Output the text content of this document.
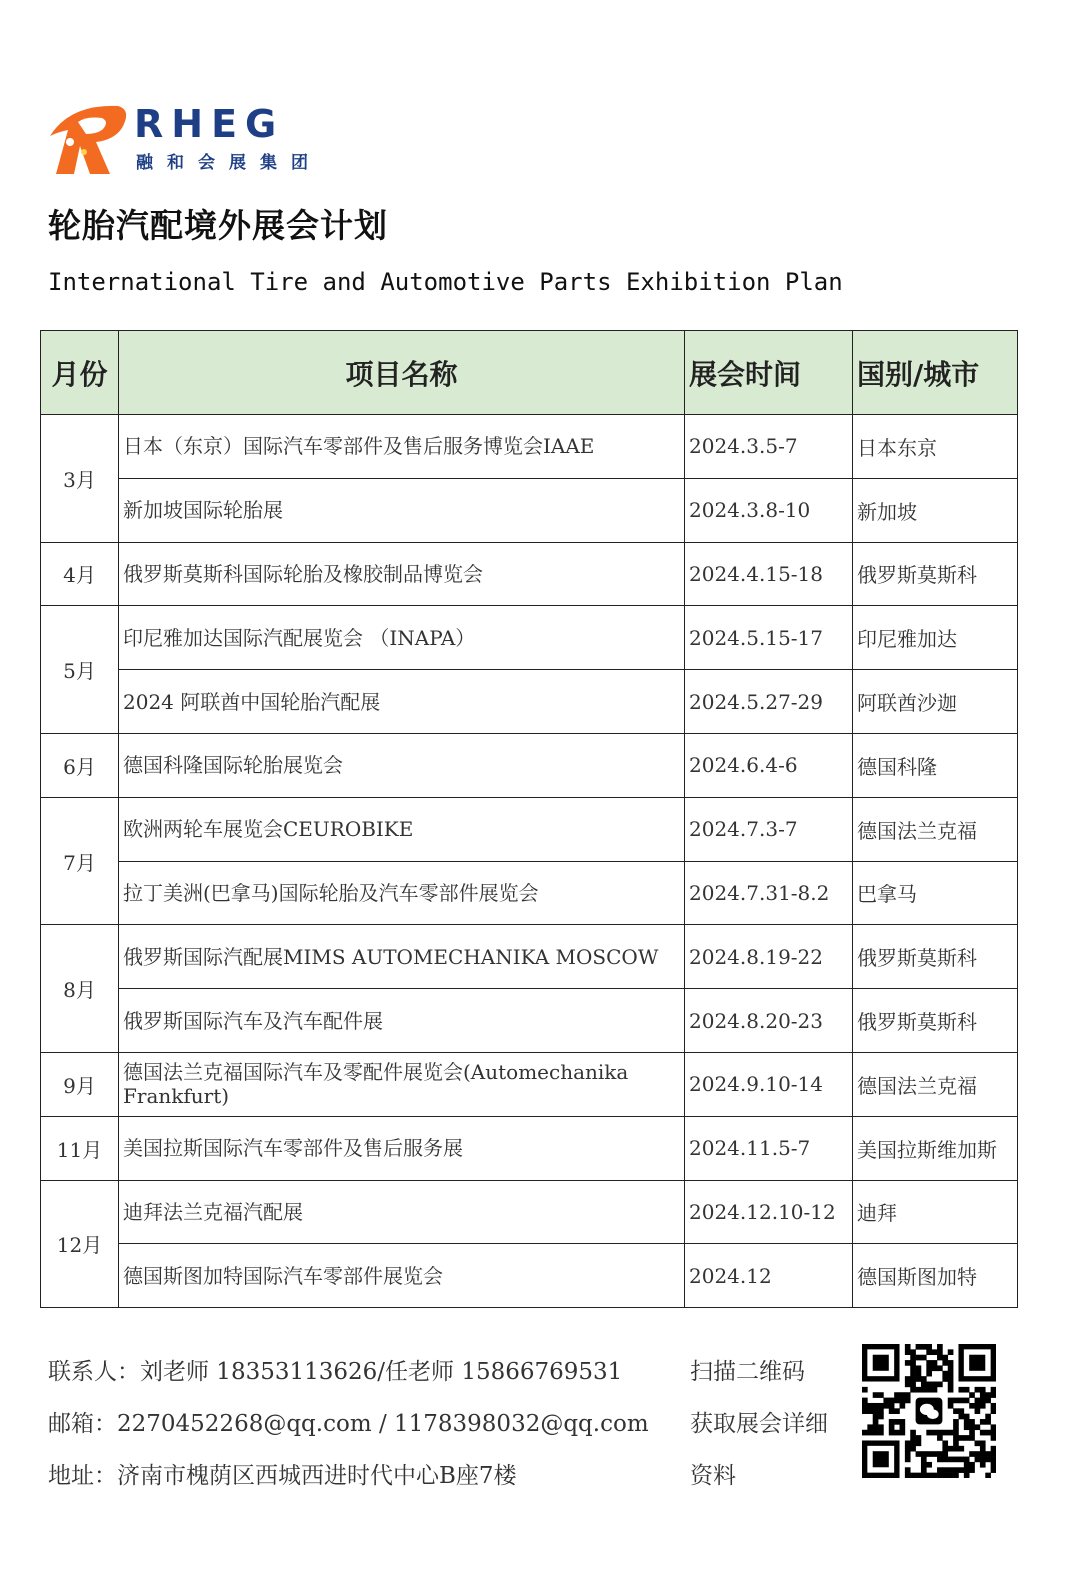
RHEG
融和会展集团
轮胎汽配境外展会计划
International Tire and Automotive Parts Exhibition Plan
月份	项目名称	展会时间	国别/城市
3月	日本（东京）国际汽车零部件及售后服务博览会IAAE	2024.3.5-7	日本东京
	新加坡国际轮胎展	2024.3.8-10	新加坡
4月	俄罗斯莫斯科国际轮胎及橡胶制品博览会	2024.4.15-18	俄罗斯莫斯科
5月	印尼雅加达国际汽配展览会 （INAPA）	2024.5.15-17	印尼雅加达
	2024 阿联酋中国轮胎汽配展	2024.5.27-29	阿联酋沙迦
6月	德国科隆国际轮胎展览会	2024.6.4-6	德国科隆
7月	欧洲两轮车展览会CEUROBIKE	2024.7.3-7	德国法兰克福
	拉丁美洲(巴拿马)国际轮胎及汽车零部件展览会	2024.7.31-8.2	巴拿马
8月	俄罗斯国际汽配展MIMS AUTOMECHANIKA MOSCOW	2024.8.19-22	俄罗斯莫斯科
	俄罗斯国际汽车及汽车配件展	2024.8.20-23	俄罗斯莫斯科
9月	德国法兰克福国际汽车及零配件展览会(Automechanika Frankfurt)	2024.9.10-14	德国法兰克福
11月	美国拉斯国际汽车零部件及售后服务展	2024.11.5-7	美国拉斯维加斯
12月	迪拜法兰克福汽配展	2024.12.10-12	迪拜
	德国斯图加特国际汽车零部件展览会	2024.12	德国斯图加特
联系人：刘老师 18353113626/任老师 15866769531
邮箱：2270452268@qq.com / 1178398032@qq.com
地址：济南市槐荫区西城西进时代中心B座7楼
扫描二维码
获取展会详细
资料
